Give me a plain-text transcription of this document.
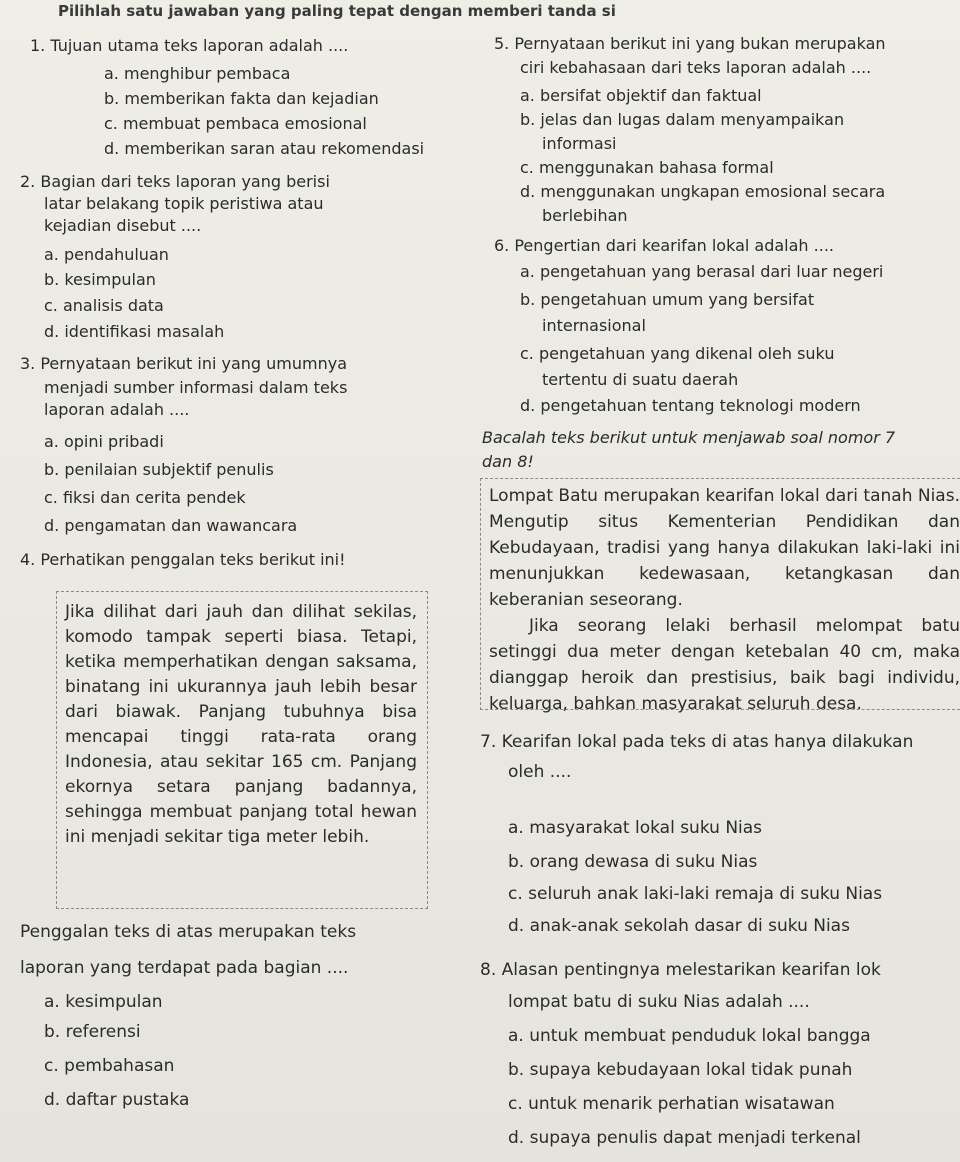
Pilihlah satu jawaban yang paling tepat dengan memberi tanda si
1. Tujuan utama teks laporan adalah ....
a. menghibur pembaca
b. memberikan fakta dan kejadian
c. membuat pembaca emosional
d. memberikan saran atau rekomendasi
2. Bagian dari teks laporan yang berisi
latar belakang topik peristiwa atau
kejadian disebut ....
a. pendahuluan
b. kesimpulan
c. analisis data
d. identifikasi masalah
3. Pernyataan berikut ini yang umumnya
menjadi sumber informasi dalam teks
laporan adalah ....
a. opini pribadi
b. penilaian subjektif penulis
c. fiksi dan cerita pendek
d. pengamatan dan wawancara
4. Perhatikan penggalan teks berikut ini!

Jika dilihat dari jauh dan dilihat sekilas, komodo tampak seperti biasa. Tetapi, ketika memperhatikan dengan saksama, binatang ini ukurannya jauh lebih besar dari biawak. Panjang tubuhnya bisa mencapai tinggi rata-rata orang Indonesia, atau sekitar 165 cm. Panjang ekornya setara panjang badannya, sehingga membuat panjang total hewan ini menjadi sekitar tiga meter lebih.

Penggalan teks di atas merupakan teks
laporan yang terdapat pada bagian ....
a. kesimpulan
b. referensi
c. pembahasan
d. daftar pustaka
5. Pernyataan berikut ini yang bukan merupakan
ciri kebahasaan dari teks laporan adalah ....
a. bersifat objektif dan faktual
b. jelas dan lugas dalam menyampaikan
informasi
c. menggunakan bahasa formal
d. menggunakan ungkapan emosional secara
berlebihan
6. Pengertian dari kearifan lokal adalah ....
a. pengetahuan yang berasal dari luar negeri
b. pengetahuan umum yang bersifat
internasional
c. pengetahuan yang dikenal oleh suku
tertentu di suatu daerah
d. pengetahuan tentang teknologi modern
Bacalah teks berikut untuk menjawab soal nomor 7
dan 8!

Lompat Batu merupakan kearifan lokal dari tanah Nias. Mengutip situs Kementerian Pendidikan dan Kebudayaan, tradisi yang hanya dilakukan laki-laki ini menunjukkan kedewasaan, ketangkasan dan keberanian seseorang.

Jika seorang lelaki berhasil melompat batu setinggi dua meter dengan ketebalan 40 cm, maka dianggap heroik dan prestisius, baik bagi individu, keluarga, bahkan masyarakat seluruh desa.

7. Kearifan lokal pada teks di atas hanya dilakukan
oleh ....
a. masyarakat lokal suku Nias
b. orang dewasa di suku Nias
c. seluruh anak laki-laki remaja di suku Nias
d. anak-anak sekolah dasar di suku Nias
8. Alasan pentingnya melestarikan kearifan lok
lompat batu di suku Nias adalah ....
a. untuk membuat penduduk lokal bangga
b. supaya kebudayaan lokal tidak punah
c. untuk menarik perhatian wisatawan
d. supaya penulis dapat menjadi terkenal
